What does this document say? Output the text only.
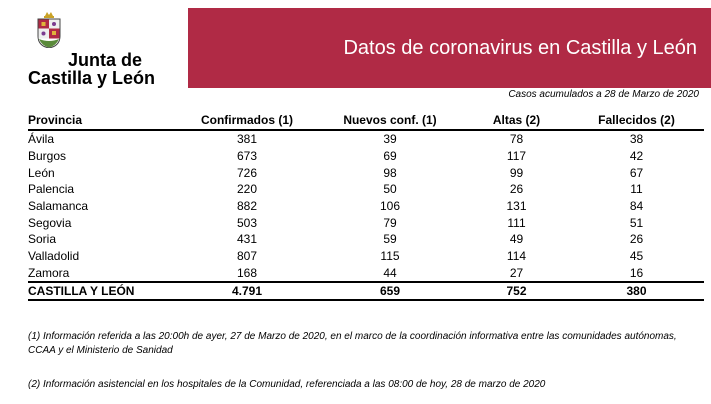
Junta de
Castilla y León
Datos de coronavirus en Castilla y León
Casos acumulados a 28 de Marzo de 2020
Provincia	Confirmados (1)	Nuevos conf. (1)	Altas (2)	Fallecidos (2)
Ávila	381	39	78	38
Burgos	673	69	117	42
León	726	98	99	67
Palencia	220	50	26	11
Salamanca	882	106	131	84
Segovia	503	79	111	51
Soria	431	59	49	26
Valladolid	807	115	114	45
Zamora	168	44	27	16
CASTILLA Y LEÓN	4.791	659	752	380
(1) Información referida a las 20:00h de ayer, 27 de Marzo de 2020, en el marco de la coordinación informativa entre las comunidades autónomas, CCAA y el Ministerio de Sanidad
(2) Información asistencial en los hospitales de la Comunidad, referenciada a las 08:00 de hoy, 28 de marzo de 2020
